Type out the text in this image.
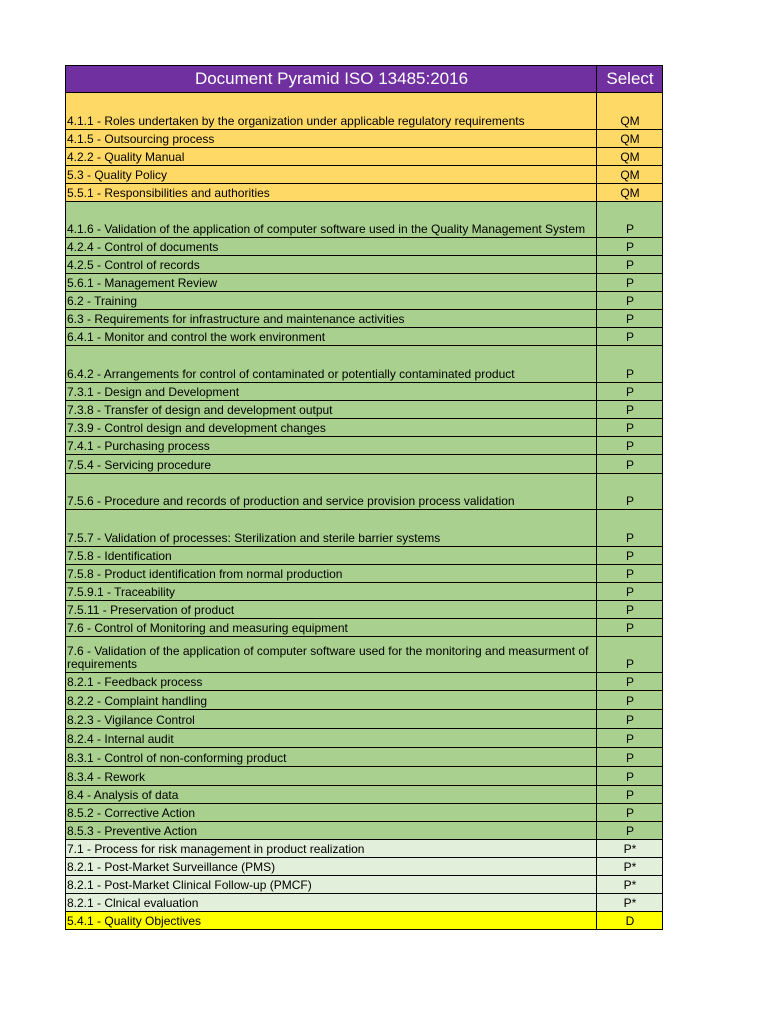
Document Pyramid ISO 13485:2016	Select
4.1.1 - Roles undertaken by the organization under applicable regulatory requirements	QM
4.1.5 - Outsourcing process	QM
4.2.2 - Quality Manual	QM
5.3 - Quality Policy	QM
5.5.1 - Responsibilities and authorities	QM
4.1.6 - Validation of the application of computer software used in the Quality Management System	P
4.2.4 - Control of documents	P
4.2.5 - Control of records	P
5.6.1 - Management Review	P
6.2 - Training	P
6.3 - Requirements for infrastructure and maintenance activities	P
6.4.1 - Monitor and control the work environment	P
6.4.2 - Arrangements for control of contaminated or potentially contaminated product	P
7.3.1 - Design and Development	P
7.3.8 - Transfer of design and development output	P
7.3.9 - Control design and development changes	P
7.4.1 - Purchasing process	P
7.5.4 - Servicing procedure	P
7.5.6 - Procedure and records of production and service provision process validation	P
7.5.7 - Validation of processes: Sterilization and sterile barrier systems	P
7.5.8 - Identification	P
7.5.8 - Product identification from normal production	P
7.5.9.1 - Traceability	P
7.5.11 - Preservation of product	P
7.6 - Control of Monitoring and measuring equipment	P
7.6 - Validation of the application of computer software used for the monitoring and measurment of requirements	P
8.2.1 - Feedback process	P
8.2.2 - Complaint handling	P
8.2.3 - Vigilance Control	P
8.2.4 - Internal audit	P
8.3.1 - Control of non-conforming product	P
8.3.4 - Rework	P
8.4 - Analysis of data	P
8.5.2 - Corrective Action	P
8.5.3 - Preventive Action	P
7.1 - Process for risk management in product realization	P*
8.2.1 - Post-Market Surveillance (PMS)	P*
8.2.1 - Post-Market Clinical Follow-up (PMCF)	P*
8.2.1 - Clnical evaluation	P*
5.4.1 - Quality Objectives	D
